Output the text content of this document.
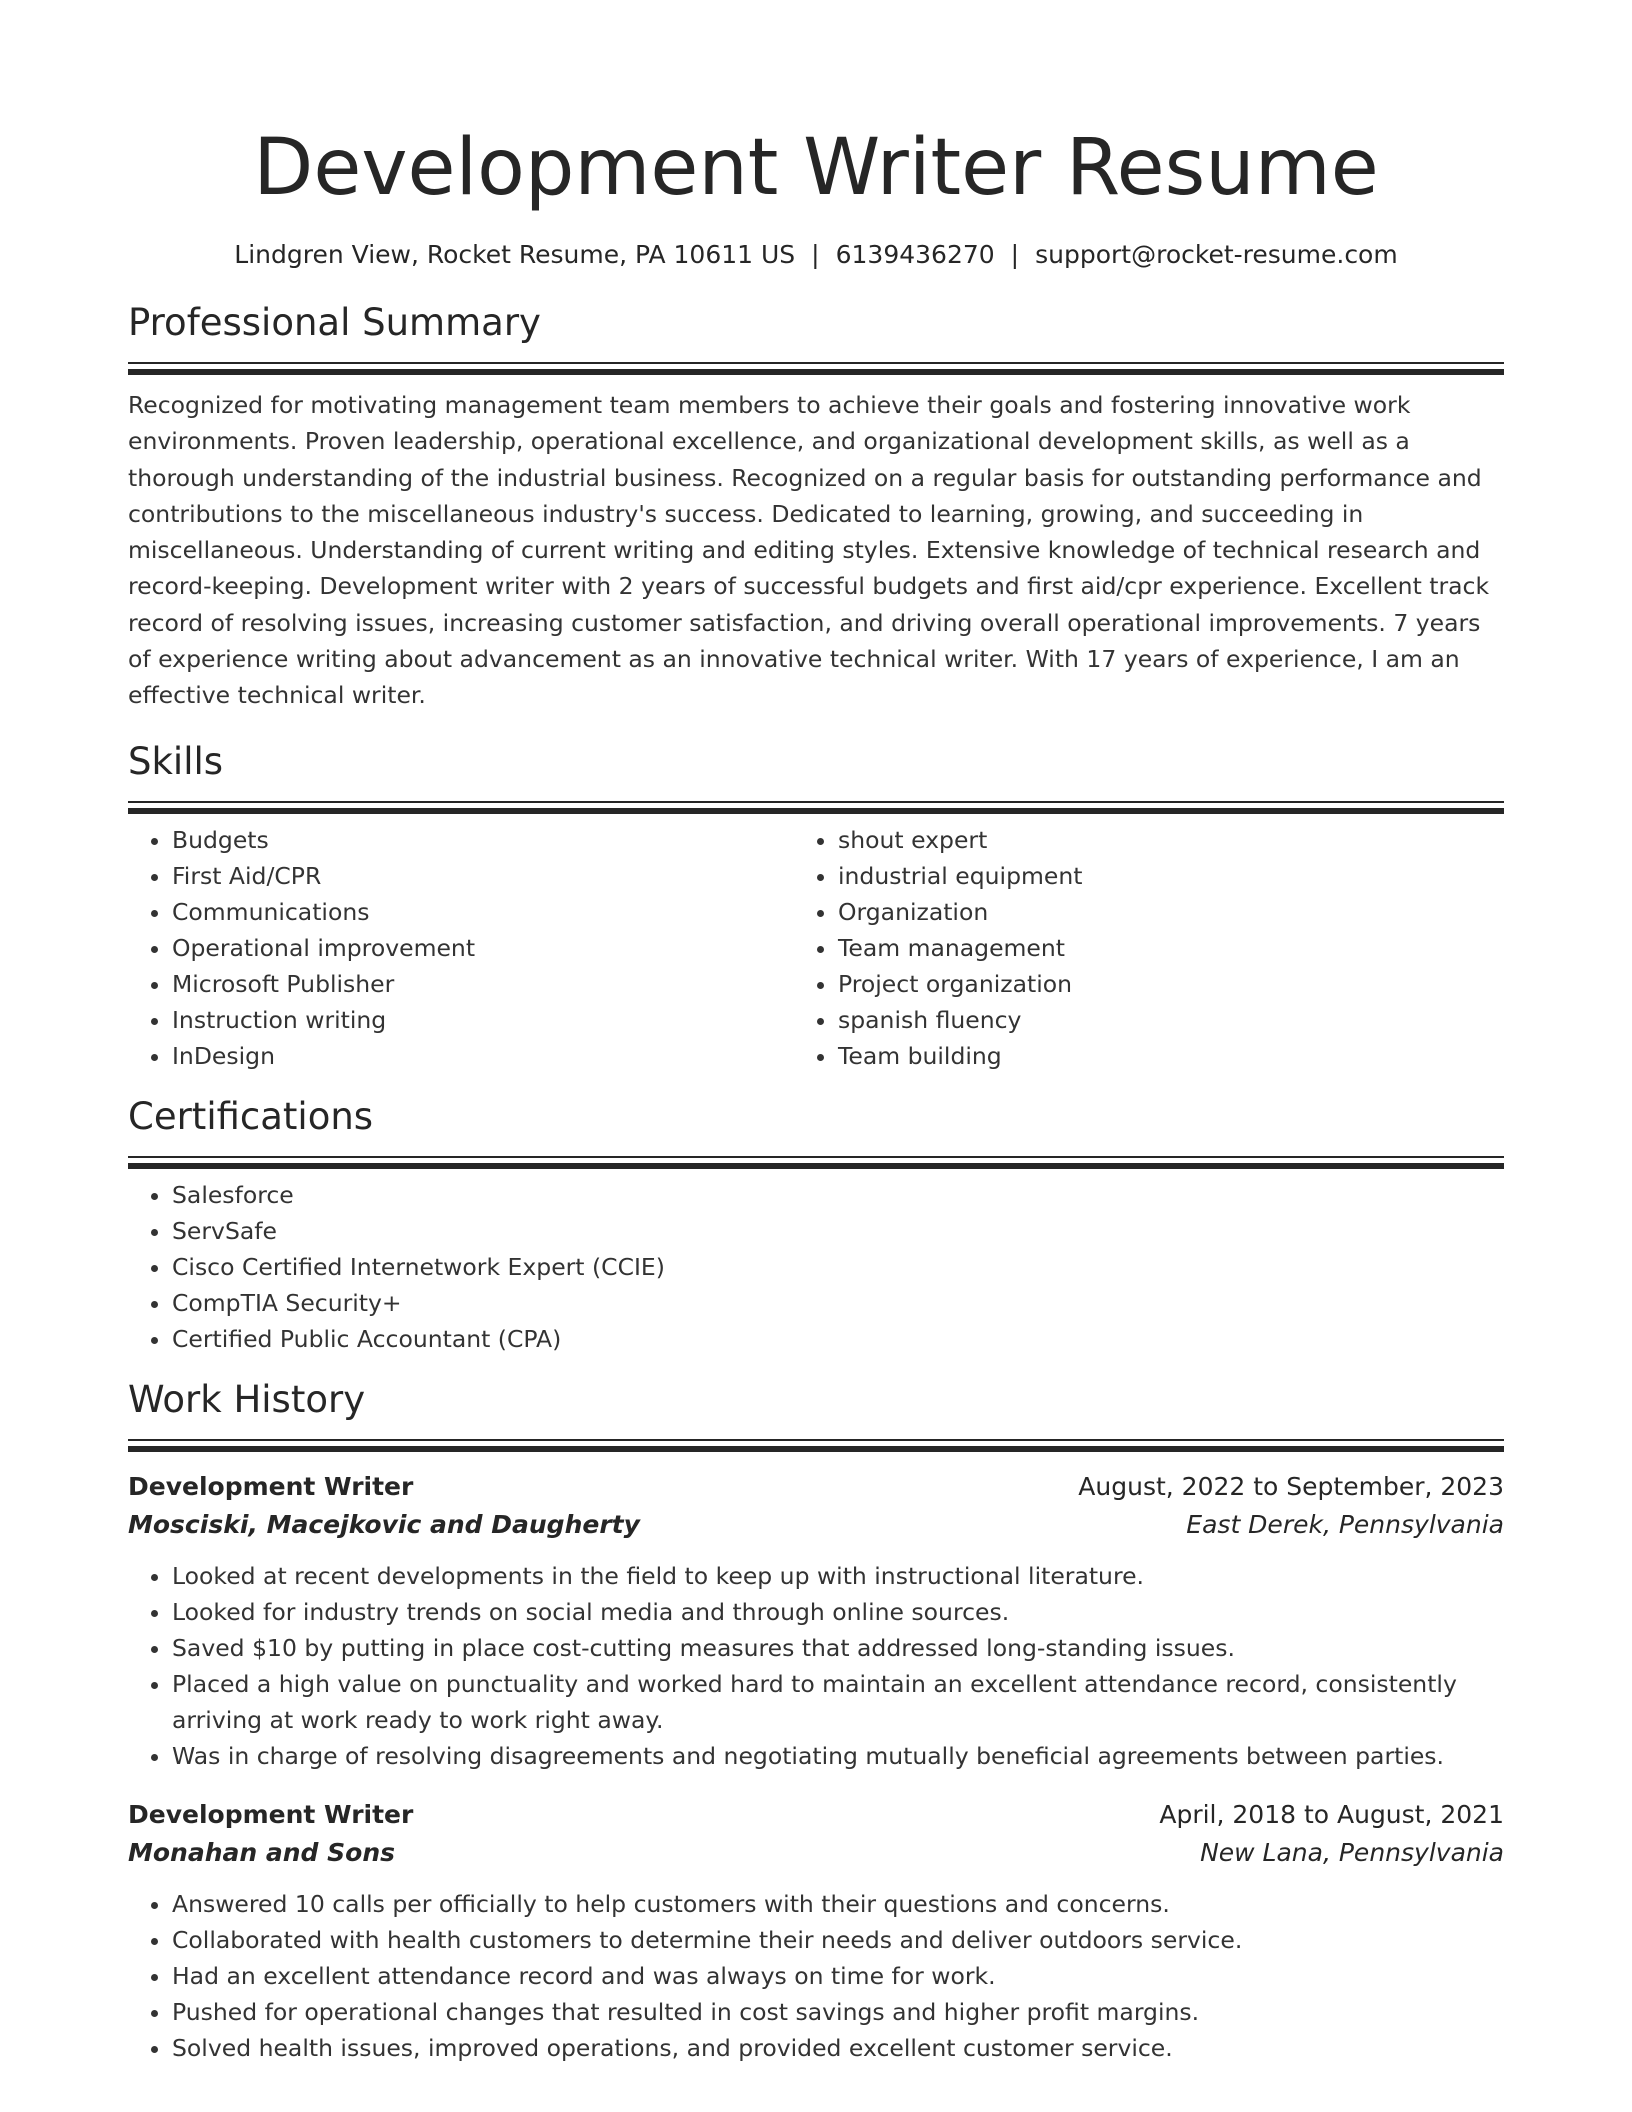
Development Writer Resume
Lindgren View, Rocket Resume, PA 10611 US | 6139436270 | support@rocket-resume.com
Professional Summary

Recognized for motivating management team members to achieve their goals and fostering innovative work environments. Proven leadership, operational excellence, and organizational development skills, as well as a thorough understanding of the industrial business. Recognized on a regular basis for outstanding performance and contributions to the miscellaneous industry's success. Dedicated to learning, growing, and succeeding in miscellaneous. Understanding of current writing and editing styles. Extensive knowledge of technical research and record-keeping. Development writer with 2 years of successful budgets and first aid/cpr experience. Excellent track record of resolving issues, increasing customer satisfaction, and driving overall operational improvements. 7 years of experience writing about advancement as an innovative technical writer. With 17 years of experience, I am an effective technical writer.

Skills
• Budgets
• First Aid/CPR
• Communications
• Operational improvement
• Microsoft Publisher
• Instruction writing
• InDesign
• shout expert
• industrial equipment
• Organization
• Team management
• Project organization
• spanish fluency
• Team building
Certifications
• Salesforce
• ServSafe
• Cisco Certified Internetwork Expert (CCIE)
• CompTIA Security+
• Certified Public Accountant (CPA)
Work History
Development Writer	August, 2022 to September, 2023
Mosciski, Macejkovic and Daugherty	East Derek, Pennsylvania
• Looked at recent developments in the field to keep up with instructional literature.
• Looked for industry trends on social media and through online sources.
• Saved $10 by putting in place cost-cutting measures that addressed long-standing issues.
• Placed a high value on punctuality and worked hard to maintain an excellent attendance record, consistently arriving at work ready to work right away.
• Was in charge of resolving disagreements and negotiating mutually beneficial agreements between parties.
Development Writer	April, 2018 to August, 2021
Monahan and Sons	New Lana, Pennsylvania
• Answered 10 calls per officially to help customers with their questions and concerns.
• Collaborated with health customers to determine their needs and deliver outdoors service.
• Had an excellent attendance record and was always on time for work.
• Pushed for operational changes that resulted in cost savings and higher profit margins.
• Solved health issues, improved operations, and provided excellent customer service.
